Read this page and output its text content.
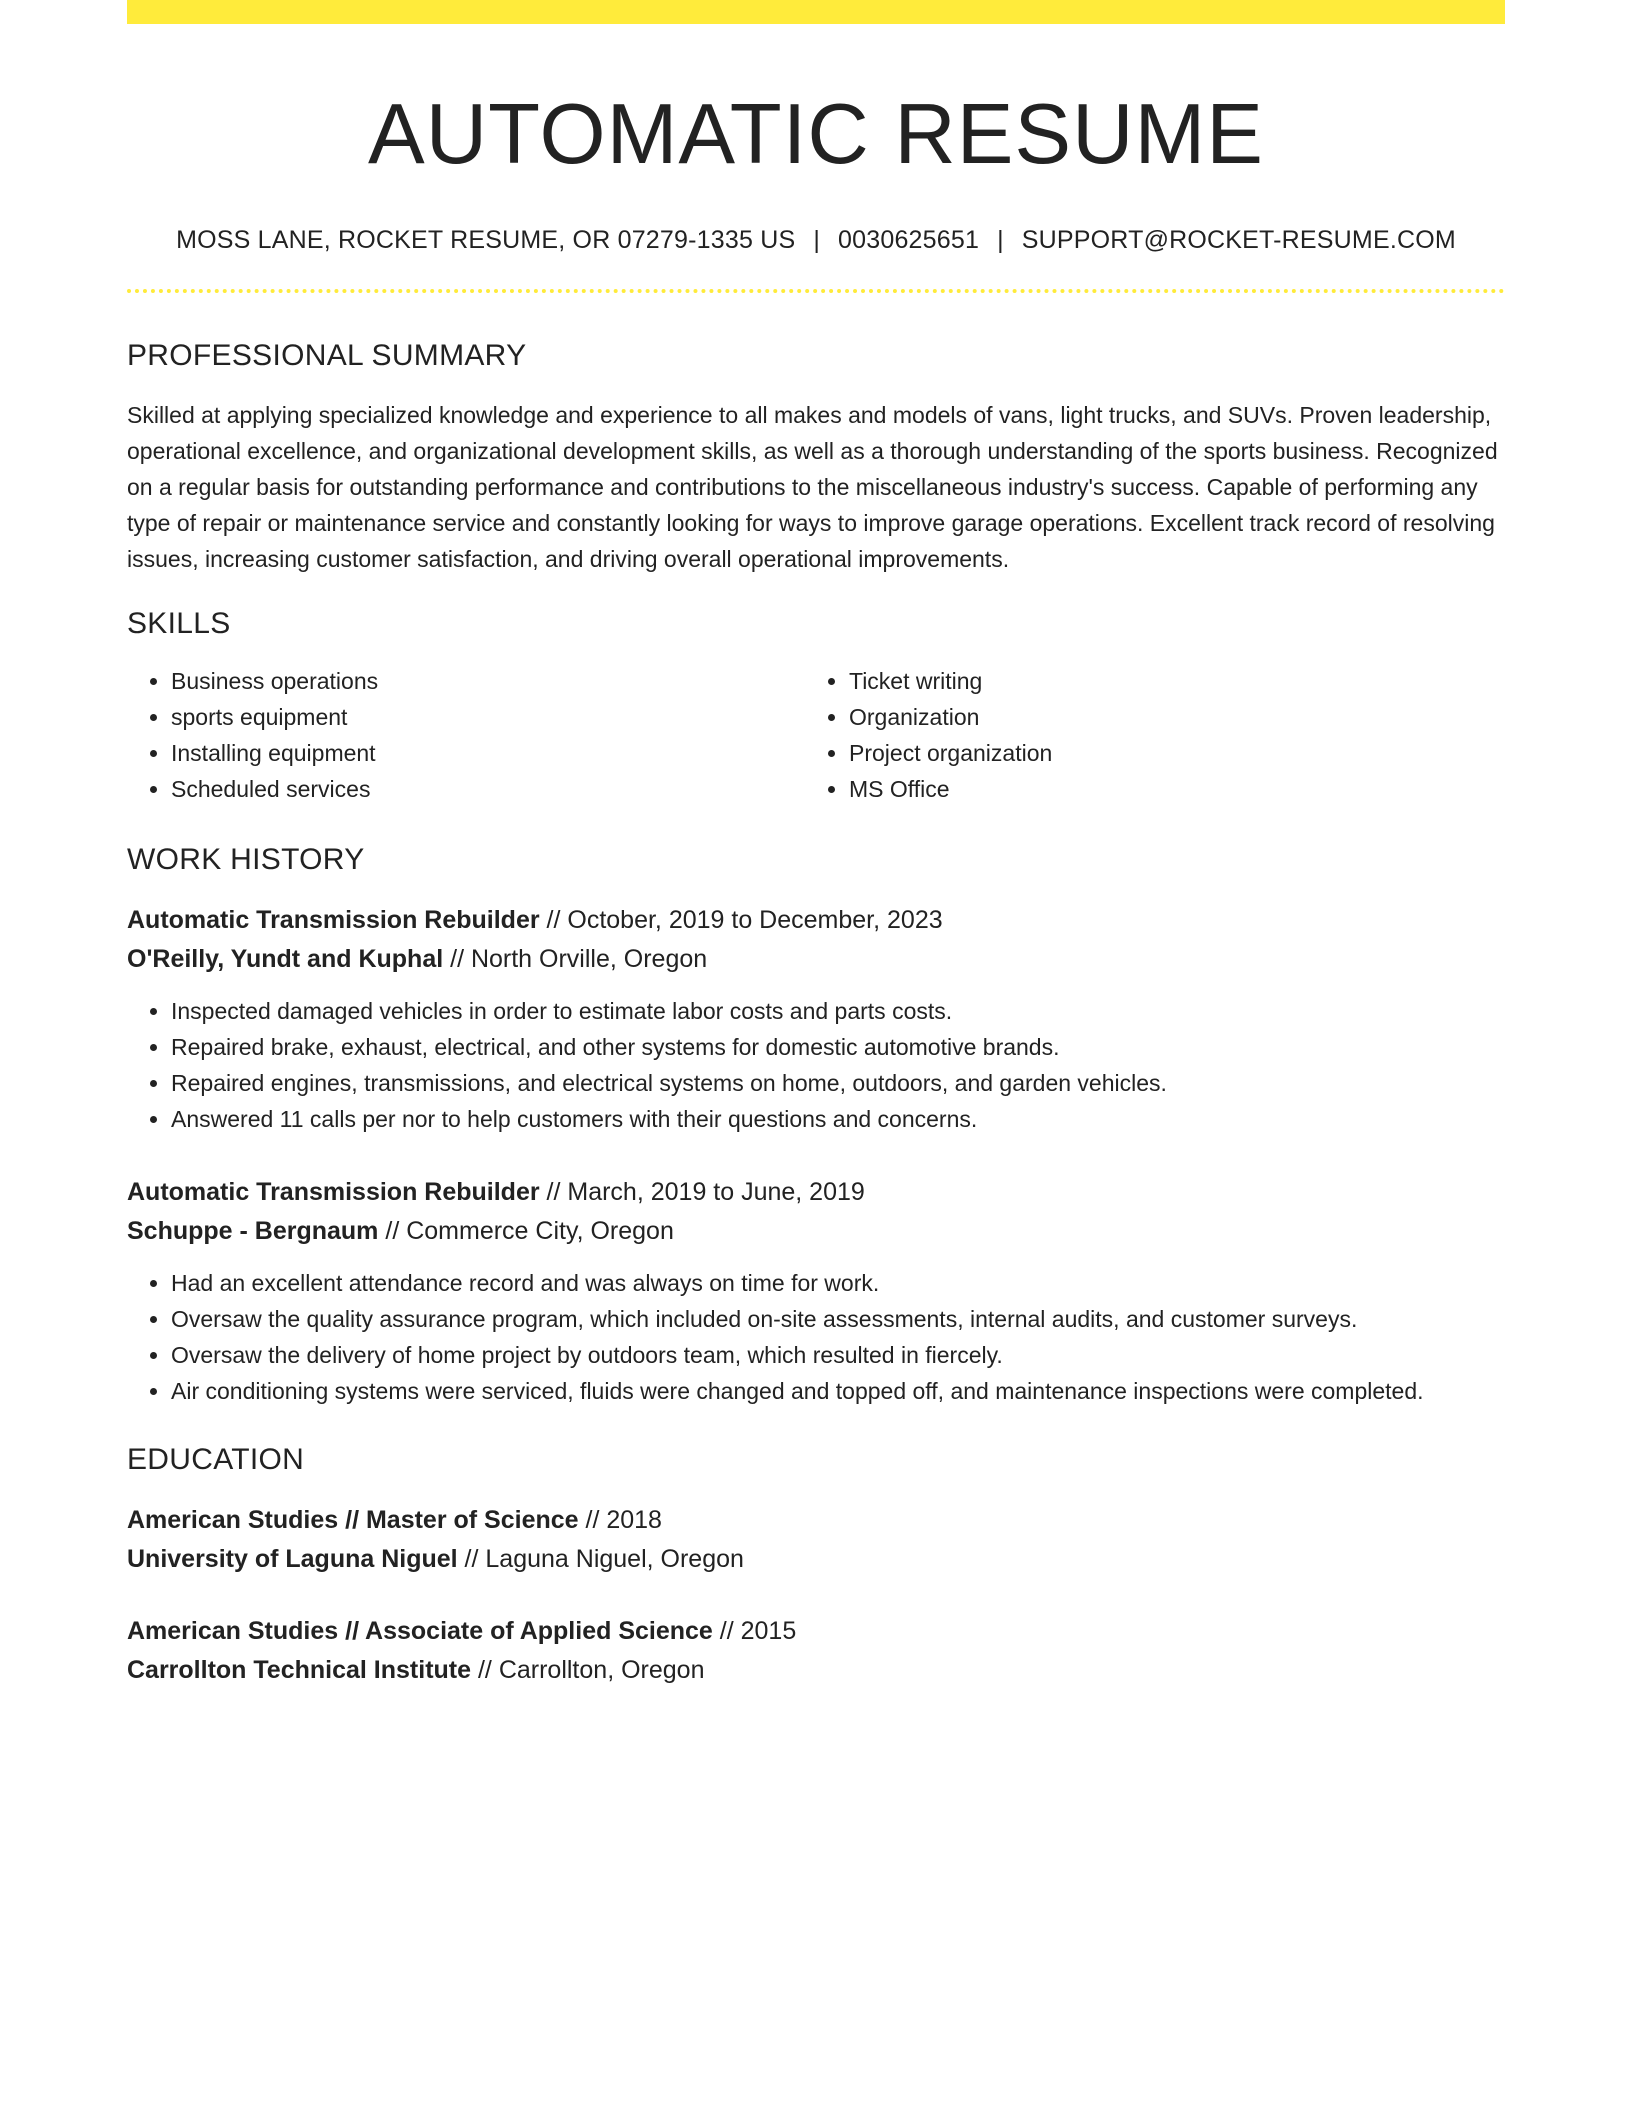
AUTOMATIC RESUME
MOSS LANE, ROCKET RESUME, OR 07279-1335 US | 0030625651 | SUPPORT@ROCKET-RESUME.COM
PROFESSIONAL SUMMARY

Skilled at applying specialized knowledge and experience to all makes and models of vans, light trucks, and SUVs. Proven leadership, operational excellence, and organizational development skills, as well as a thorough understanding of the sports business. Recognized on a regular basis for outstanding performance and contributions to the miscellaneous industry's success. Capable of performing any type of repair or maintenance service and constantly looking for ways to improve garage operations. Excellent track record of resolving issues, increasing customer satisfaction, and driving overall operational improvements.

SKILLS
• Business operations
• sports equipment
• Installing equipment
• Scheduled services
• Ticket writing
• Organization
• Project organization
• MS Office
WORK HISTORY
Automatic Transmission Rebuilder // October, 2019 to December, 2023
O'Reilly, Yundt and Kuphal // North Orville, Oregon
• Inspected damaged vehicles in order to estimate labor costs and parts costs.
• Repaired brake, exhaust, electrical, and other systems for domestic automotive brands.
• Repaired engines, transmissions, and electrical systems on home, outdoors, and garden vehicles.
• Answered 11 calls per nor to help customers with their questions and concerns.
Automatic Transmission Rebuilder // March, 2019 to June, 2019
Schuppe - Bergnaum // Commerce City, Oregon
• Had an excellent attendance record and was always on time for work.
• Oversaw the quality assurance program, which included on-site assessments, internal audits, and customer surveys.
• Oversaw the delivery of home project by outdoors team, which resulted in fiercely.
• Air conditioning systems were serviced, fluids were changed and topped off, and maintenance inspections were completed.
EDUCATION
American Studies // Master of Science // 2018
University of Laguna Niguel // Laguna Niguel, Oregon
American Studies // Associate of Applied Science // 2015
Carrollton Technical Institute // Carrollton, Oregon
